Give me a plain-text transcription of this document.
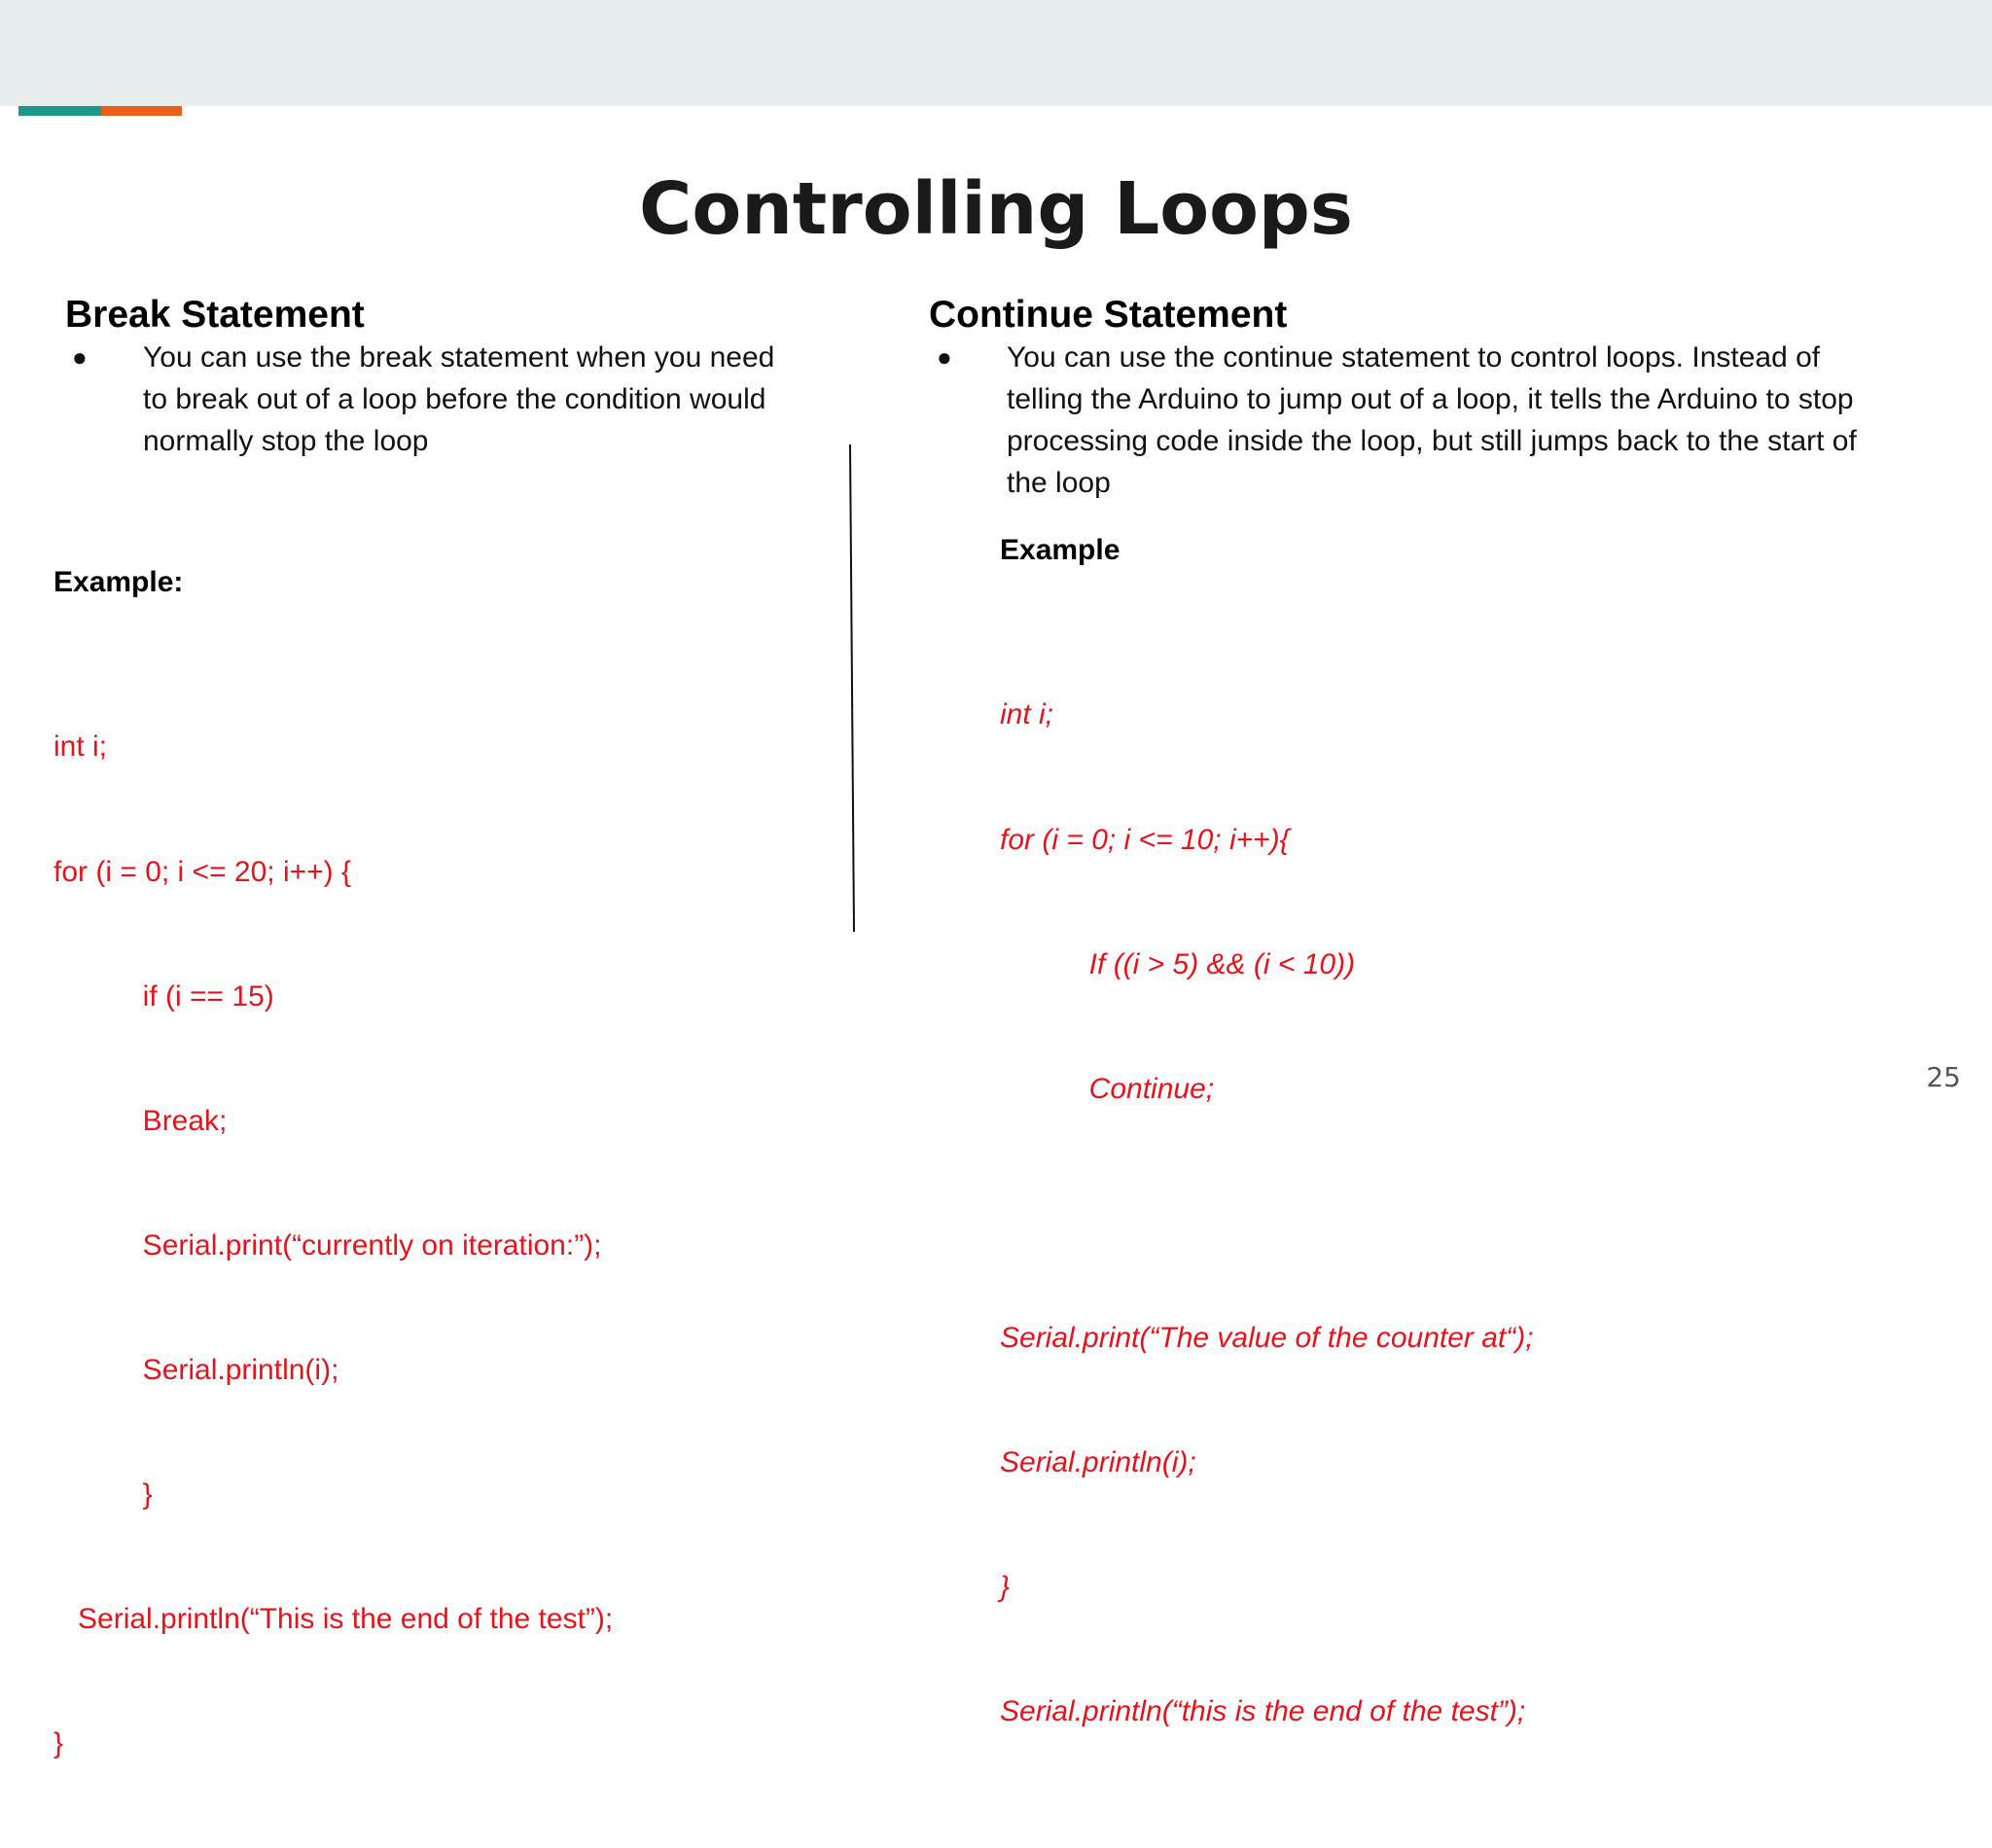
Controlling Loops
Break Statement
● You can use the break statement when you need
to break out of a loop before the condition would
normally stop the loop
Example:

int i;

for (i = 0; i <= 20; i++) {

if (i == 15)

Break;

Serial.print(“currently on iteration:”);

Serial.println(i);

}

Serial.println(“This is the end of the test”);

}

Continue Statement
● You can use the continue statement to control loops. Instead of
telling the Arduino to jump out of a loop, it tells the Arduino to stop
processing code inside the loop, but still jumps back to the start of
the loop
Example

int i;

for (i = 0; i <= 10; i++){

If ((i > 5) && (i < 10))

Continue;

Serial.print(“The value of the counter at“);

Serial.println(i);

}

Serial.println(“this is the end of the test”);

25
